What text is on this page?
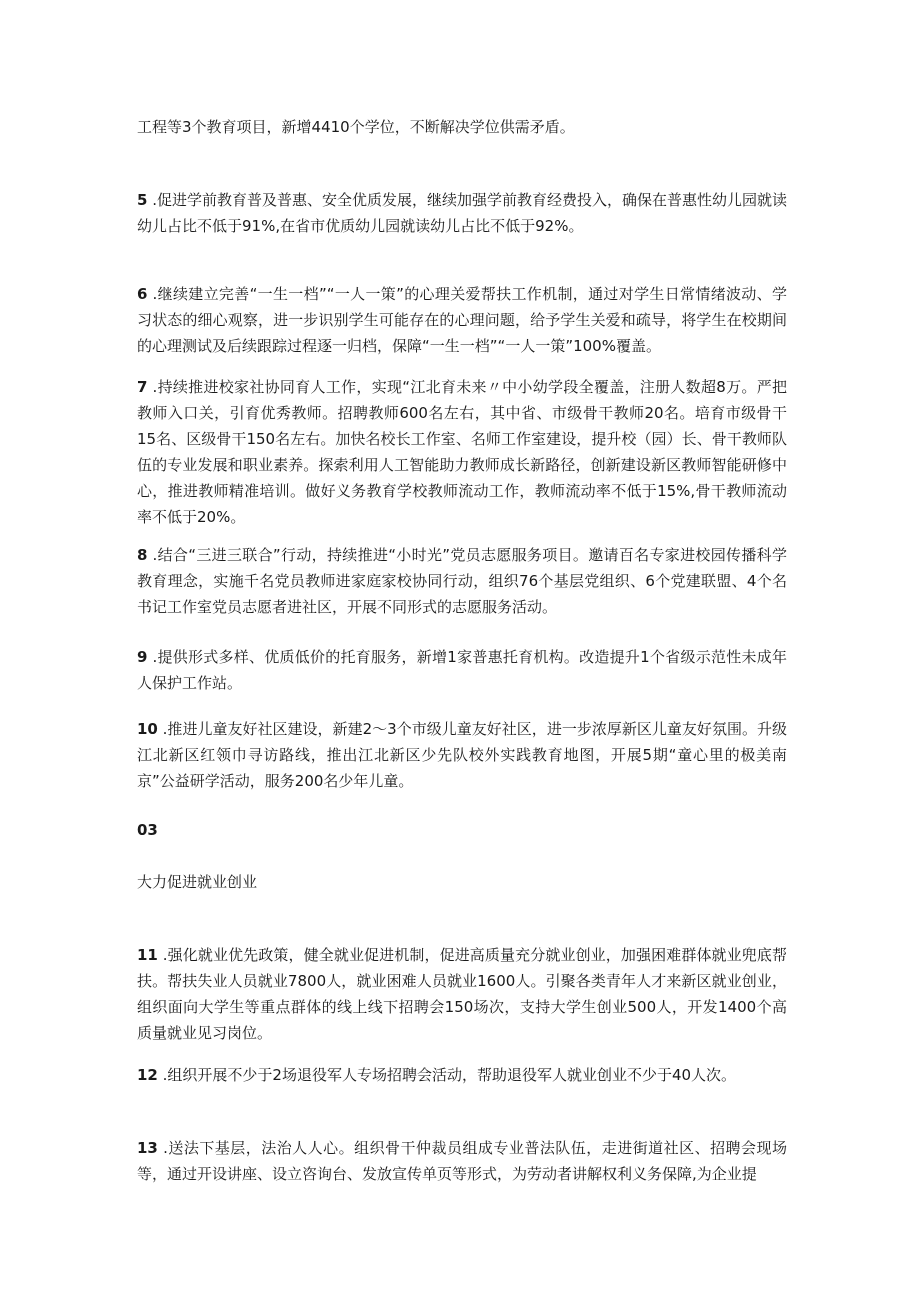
工程等3个教育项目，新增4410个学位，不断解决学位供需矛盾。

5 .促进学前教育普及普惠、安全优质发展，继续加强学前教育经费投入，确保在普惠性幼儿园就读幼儿占比不低于91%,在省市优质幼儿园就读幼儿占比不低于92%。

6 .继续建立完善“一生一档”“一人一策”的心理关爱帮扶工作机制，通过对学生日常情绪波动、学习状态的细心观察，进一步识别学生可能存在的心理问题，给予学生关爱和疏导，将学生在校期间的心理测试及后续跟踪过程逐一归档，保障“一生一档”“一人一策”100%覆盖。

7 .持续推进校家社协同育人工作，实现“江北育未来〃中小幼学段全覆盖，注册人数超8万。严把教师入口关，引育优秀教师。招聘教师600名左右，其中省、市级骨干教师20名。培育市级骨干15名、区级骨干150名左右。加快名校长工作室、名师工作室建设，提升校（园）长、骨干教师队伍的专业发展和职业素养。探索利用人工智能助力教师成长新路径，创新建设新区教师智能研修中心，推进教师精准培训。做好义务教育学校教师流动工作，教师流动率不低于15%,骨干教师流动率不低于20%。

8 .结合“三进三联合”行动，持续推进“小时光”党员志愿服务项目。邀请百名专家进校园传播科学教育理念，实施千名党员教师进家庭家校协同行动，组织76个基层党组织、6个党建联盟、4个名书记工作室党员志愿者进社区，开展不同形式的志愿服务活动。

9 .提供形式多样、优质低价的托育服务，新增1家普惠托育机构。改造提升1个省级示范性未成年人保护工作站。

10 .推进儿童友好社区建设，新建2〜3个市级儿童友好社区，进一步浓厚新区儿童友好氛围。升级江北新区红领巾寻访路线，推出江北新区少先队校外实践教育地图，开展5期“童心里的极美南京”公益研学活动，服务200名少年儿童。

03

大力促进就业创业

11 .强化就业优先政策，健全就业促进机制，促进高质量充分就业创业，加强困难群体就业兜底帮扶。帮扶失业人员就业7800人，就业困难人员就业1600人。引聚各类青年人才来新区就业创业，组织面向大学生等重点群体的线上线下招聘会150场次，支持大学生创业500人，开发1400个高质量就业见习岗位。

12 .组织开展不少于2场退役军人专场招聘会活动，帮助退役军人就业创业不少于40人次。

13 .送法下基层，法治人人心。组织骨干仲裁员组成专业普法队伍，走进街道社区、招聘会现场等，通过开设讲座、设立咨询台、发放宣传单页等形式，为劳动者讲解权利义务保障,为企业提
